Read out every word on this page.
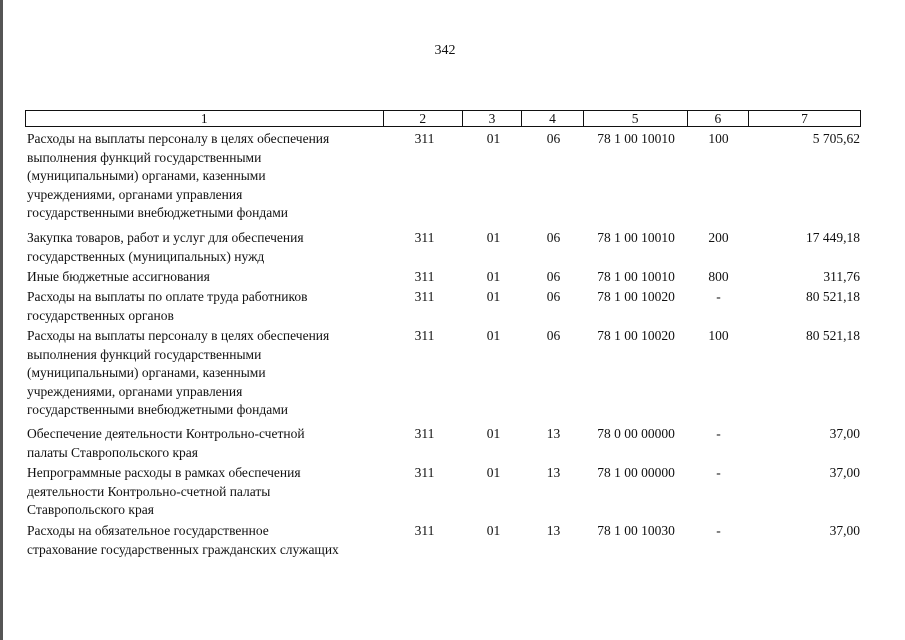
342
1	2	3	4	5	6	7
Расходы на выплаты персоналу в целях обеспечения
выполнения функций государственными
(муниципальными) органами, казенными
учреждениями, органами управления
государственными внебюджетными фондами
311	01	06	78 1 00 10010	100	5 705,62
Закупка товаров, работ и услуг для обеспечения
государственных (муниципальных) нужд
311	01	06	78 1 00 10010	200	17 449,18
Иные бюджетные ассигнования	311	01	06	78 1 00 10010	800	311,76
Расходы на выплаты по оплате труда работников
государственных органов
311	01	06	78 1 00 10020	-	80 521,18
Расходы на выплаты персоналу в целях обеспечения
выполнения функций государственными
(муниципальными) органами, казенными
учреждениями, органами управления
государственными внебюджетными фондами
311	01	06	78 1 00 10020	100	80 521,18
Обеспечение деятельности Контрольно-счетной
палаты Ставропольского края
311	01	13	78 0 00 00000	-	37,00
Непрограммные расходы в рамках обеспечения
деятельности Контрольно-счетной палаты
Ставропольского края
311	01	13	78 1 00 00000	-	37,00
Расходы на обязательное государственное
страхование государственных гражданских служащих
311	01	13	78 1 00 10030	-	37,00
